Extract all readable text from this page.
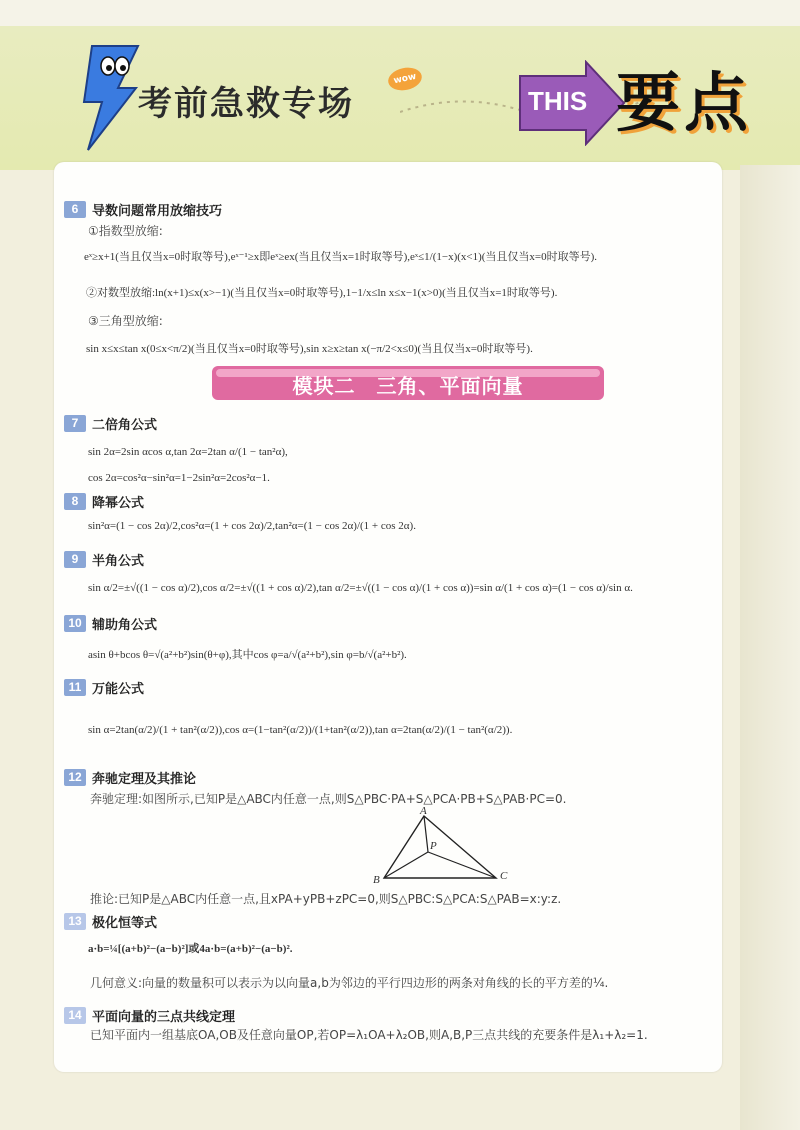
考前急救专场
wow
THIS 要点
6	导数问题常用放缩技巧
①指数型放缩:
eˣ≥x+1(当且仅当x=0时取等号),eˣ⁻¹≥x即eˣ≥ex(当且仅当x=1时取等号),eˣ≤1/(1−x)(x<1)(当且仅当x=0时取等号).
②对数型放缩:ln(x+1)≤x(x>−1)(当且仅当x=0时取等号),1−1/x≤ln x≤x−1(x>0)(当且仅当x=1时取等号).
③三角型放缩:
sin x≤x≤tan x(0≤x<π/2)(当且仅当x=0时取等号),sin x≥x≥tan x(−π/2<x≤0)(当且仅当x=0时取等号).
模块二　三角、平面向量
7	二倍角公式
sin 2α=2sin αcos α,tan 2α=2tan α/(1 − tan²α),
cos 2α=cos²α−sin²α=1−2sin²α=2cos²α−1.
8	降幂公式
sin²α=(1 − cos 2α)/2,cos²α=(1 + cos 2α)/2,tan²α=(1 − cos 2α)/(1 + cos 2α).
9	半角公式
sin α/2=±√((1 − cos α)/2),cos α/2=±√((1 + cos α)/2),tan α/2=±√((1 − cos α)/(1 + cos α))=sin α/(1 + cos α)=(1 − cos α)/sin α.
10 辅助角公式
asin θ+bcos θ=√(a²+b²)sin(θ+φ),其中cos φ=a/√(a²+b²),sin φ=b/√(a²+b²).
11 万能公式
sin α=2tan(α/2)/(1 + tan²(α/2)),cos α=(1−tan²(α/2))/(1+tan²(α/2)),tan α=2tan(α/2)/(1 − tan²(α/2)).
12 奔驰定理及其推论
奔驰定理:如图所示,已知P是△ABC内任意一点,则S△PBC·PA+S△PCA·PB+S△PAB·PC=0.
A
P
B	C
推论:已知P是△ABC内任意一点,且xPA+yPB+zPC=0,则S△PBC:S△PCA:S△PAB=x:y:z.
13 极化恒等式
a·b=¼[(a+b)²−(a−b)²]或4a·b=(a+b)²−(a−b)².
几何意义:向量的数量积可以表示为以向量a,b为邻边的平行四边形的两条对角线的长的平方差的¼.
14 平面向量的三点共线定理
已知平面内一组基底OA,OB及任意向量OP,若OP=λ₁OA+λ₂OB,则A,B,P三点共线的充要条件是λ₁+λ₂=1.
